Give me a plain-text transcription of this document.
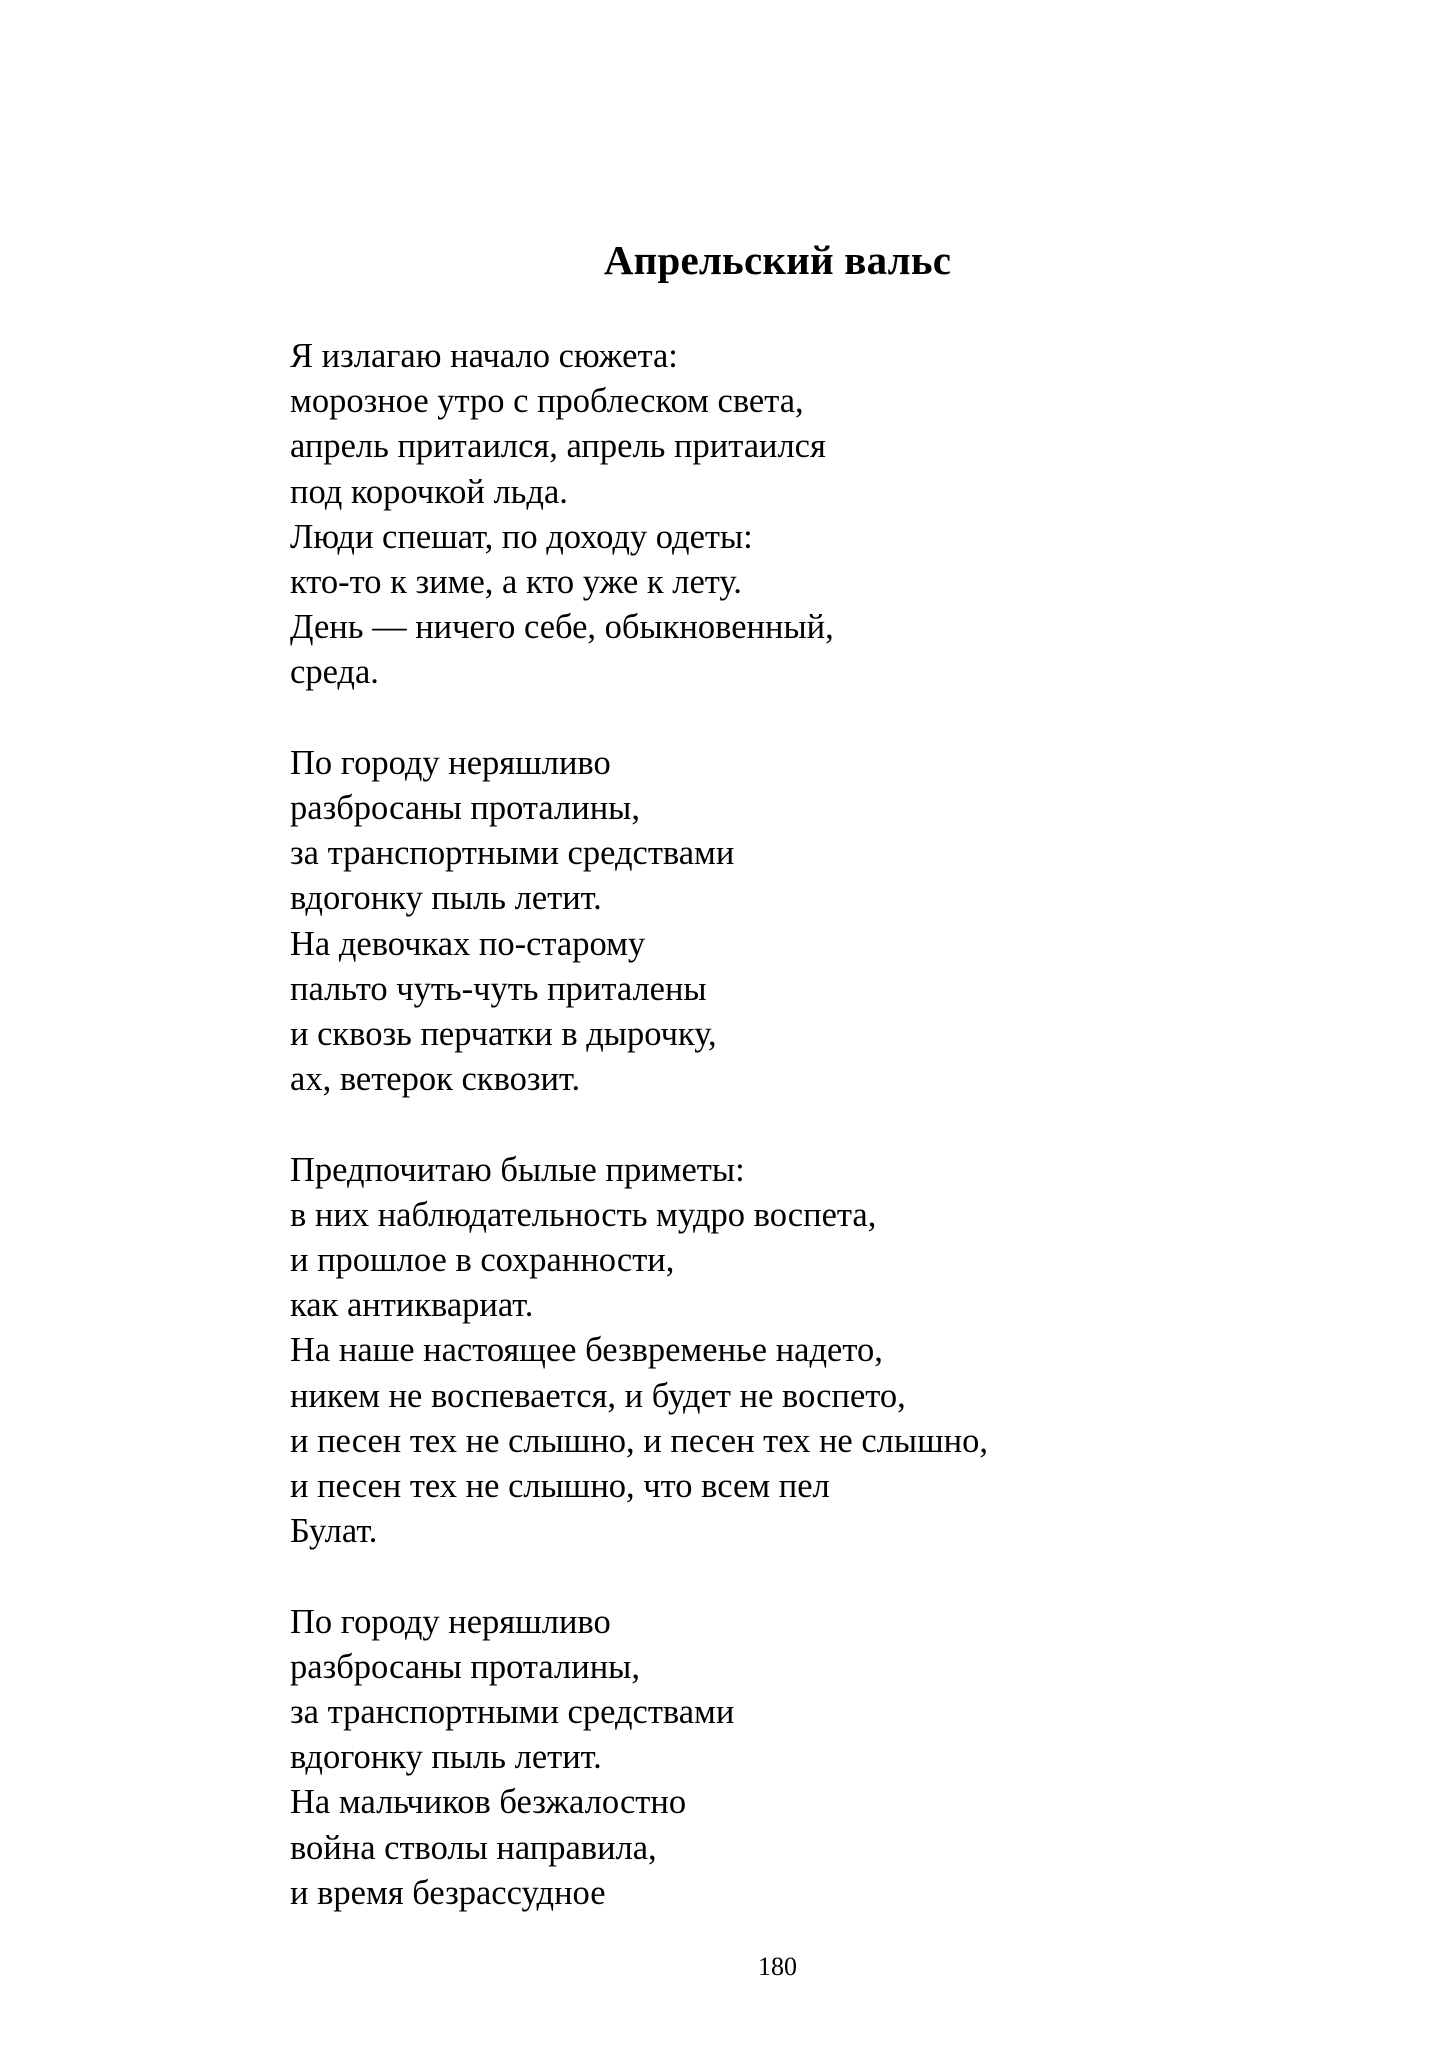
Апрельский вальс
Я излагаю начало сюжета:
морозное утро с проблеском света,
апрель притаился, апрель притаился
под корочкой льда.
Люди спешат, по доходу одеты:
кто-то к зиме, а кто уже к лету.
День — ничего себе, обыкновенный,
среда.
По городу неряшливо
разбросаны проталины,
за транспортными средствами
вдогонку пыль летит.
На девочках по-старому
пальто чуть-чуть приталены
и сквозь перчатки в дырочку,
ах, ветерок сквозит.
Предпочитаю былые приметы:
в них наблюдательность мудро воспета,
и прошлое в сохранности,
как антиквариат.
На наше настоящее безвременье надето,
никем не воспевается, и будет не воспето,
и песен тех не слышно, и песен тех не слышно,
и песен тех не слышно, что всем пел
Булат.
По городу неряшливо
разбросаны проталины,
за транспортными средствами
вдогонку пыль летит.
На мальчиков безжалостно
война стволы направила,
и время безрассудное
180
